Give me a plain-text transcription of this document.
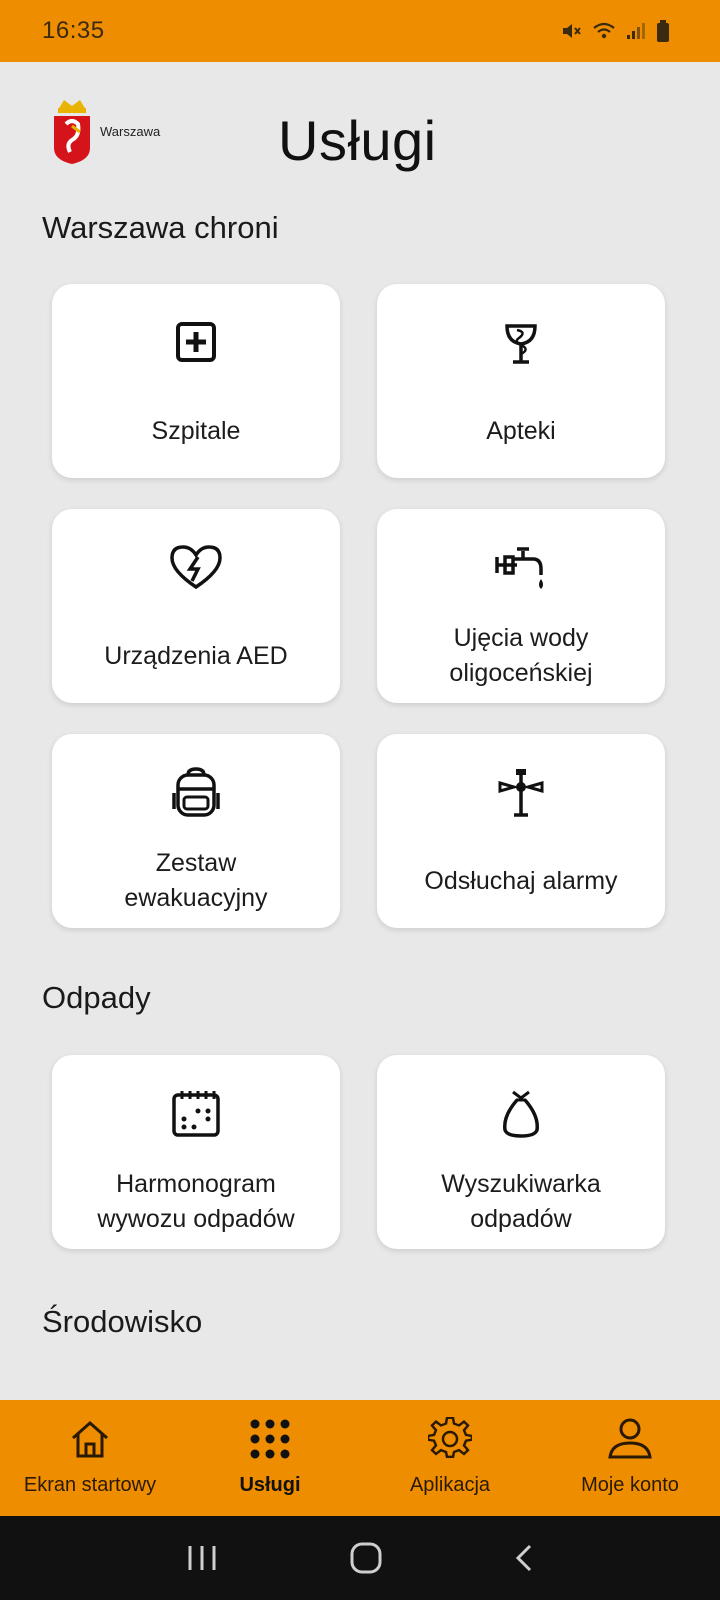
16:35
Warszawa Usługi
Warszawa chroni
Szpitale	Apteki
Urządzenia AED
Ujęcia wody
oligoceńskiej
Zestaw
ewakuacyjny
Odsłuchaj alarmy
Odpady
Harmonogram
wywozu odpadów
Wyszukiwarka
odpadów
Środowisko
Ekran startowy	Usługi	Aplikacja	Moje konto
